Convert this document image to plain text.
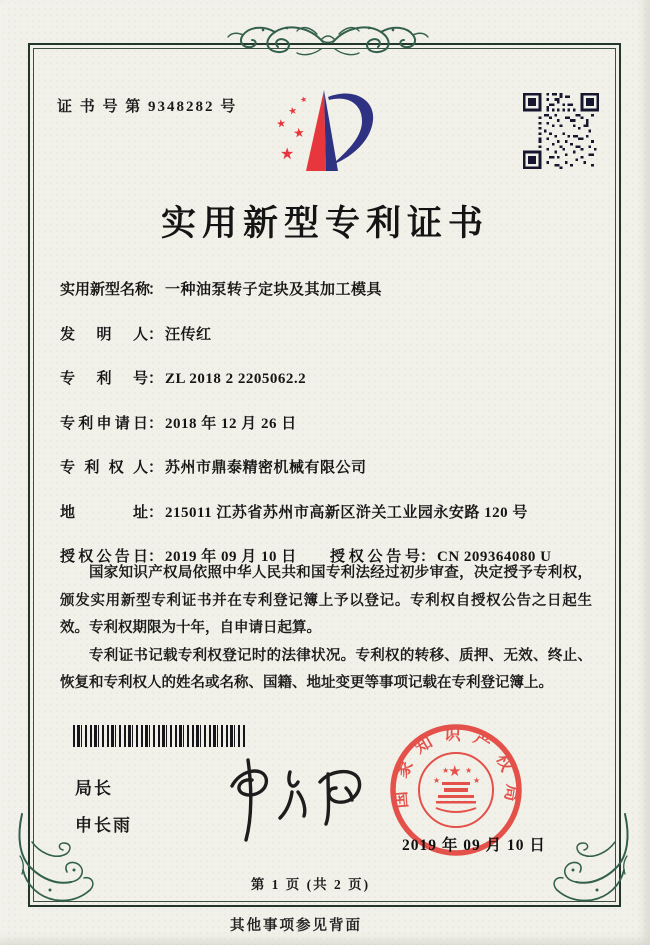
证 书 号 第 9348282 号	★
★
★
★
★
实用新型专利证书
实用新型名称： 一种油泵转子定块及其加工模具
发明人： 汪传红
专利号： ZL 2018 2 2205062.2
专利申请日： 2018 年 12 月 26 日
专利权人： 苏州市鼎泰精密机械有限公司
地址： 215011 江苏省苏州市高新区浒关工业园永安路 120 号
授权公告日： 2019 年 09 月 10 日 授权公告号： CN 209364080 U

国家知识产权局依照中华人民共和国专利法经过初步审查，决定授予专利权，颁发实用新型专利证书并在专利登记簿上予以登记。专利权自授权公告之日起生效。专利权期限为十年，自申请日起算。

专利证书记载专利权登记时的法律状况。专利权的转移、质押、无效、终止、恢复和专利权人的姓名或名称、国籍、地址变更等事项记载在专利登记簿上。

局长
申长雨
国家知识产权局
★
★
★ ★
★
2019 年 09 月 10 日
第 1 页 (共 2 页)
其他事项参见背面
